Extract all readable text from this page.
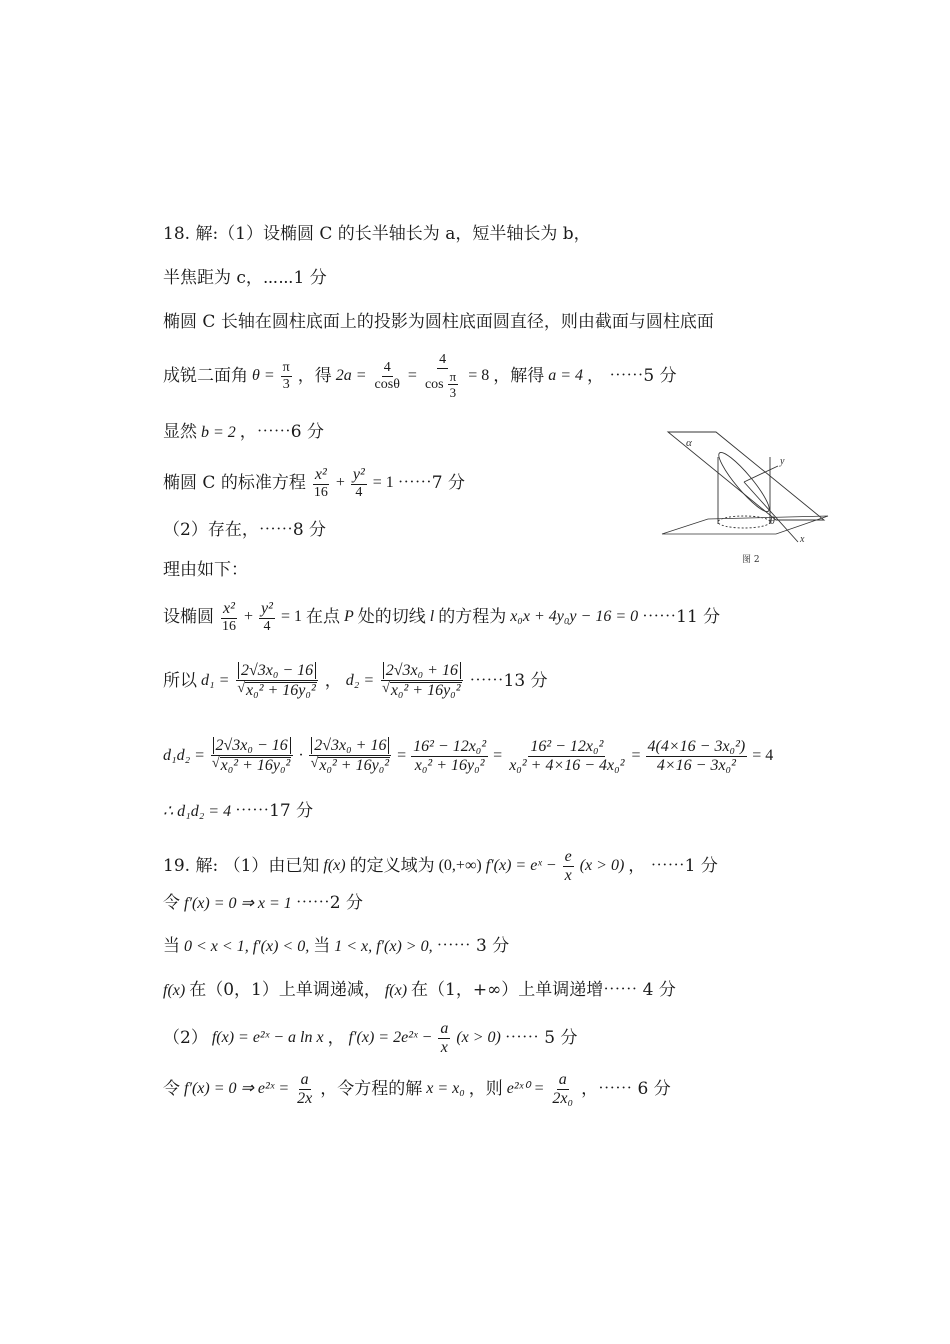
18. 解:（1）设椭圆 C 的长半轴长为 a，短半轴长为 b，
半焦距为 c，⋯⋯1 分
椭圆 C 长轴在圆柱底面上的投影为圆柱底面圆直径，则由截面与圆柱底面
成锐二面角 $\theta = \frac{\pi}{3}$ ，得 $2a = \frac{4}{\cos\theta} = \frac{4}{\cos \frac{\pi}{3}} = 8$ ，解得 a = 4 ， ⋯⋯5 分
显然 b = 2 ，⋯⋯6 分
椭圆 C 的标准方程 $\frac{\text{x²}}{16} + \frac{\text{y²}}{4} = 1$ ⋯⋯7 分
（2）存在，⋯⋯8 分
理由如下：
设椭圆 $\frac{\text{x²}}{16} + \frac{\text{y²}}{4} = 1$ 在点 P 处的切线 l 的方程为 x₀x + 4y₀y − 16 = 0 ⋯⋯11 分
所以 $d_1 = \frac{\text{2√3x₀ − 16}}{\text{√ x₀² + 16y₀²}}$ ， $d_2 = \frac{\text{2√3x₀ + 16}}{\text{√ x₀² + 16y₀²}}$ ⋯⋯13 分
$d_1d_2 = \frac{\text{2√3x₀ − 16}}{\text{√ x₀² + 16y₀²}} \cdot \frac{\text{2√3x₀ + 16}}{\text{√ x₀² + 16y₀²}} = \frac{\text{16² − 12x₀²}}{\text{x₀² + 16y₀²}} = \frac{\text{16² − 12x₀²}}{\text{x₀² + 4×16 − 4x₀²}} = \frac{\text{4(4×16 − 3x₀²)}}{\text{4×16 − 3x₀²}} = 4$
∴ d₁d₂ = 4 ⋯⋯17 分
19. 解: （1）由已知 f(x) 的定义域为 (0,+∞) f′(x) = eˣ − $\frac{e}{x} (x > 0)$ ， ⋯⋯1 分
令 f′(x) = 0 ⇒ x = 1 ⋯⋯2 分
当 0 < x < 1, f′(x) < 0, 当 1 < x, f′(x) > 0, ⋯⋯ 3 分
f(x) 在（0，1）上单调递减， f(x) 在（1，+∞）上单调递增⋯⋯ 4 分
（2） f(x) = e²ˣ − a ln x ， f′(x) = 2e²ˣ − $\frac{a}{x} (x > 0)$ ⋯⋯ 5 分
令 f′(x) = 0 ⇒ e²ˣ = $\frac{a}{2x}$ ，令方程的解 x = x₀ ，则 e²ˣ⁰ = $\frac{a}{\text{2x₀}}$ ，⋯⋯ 6 分
α
y
θ
x
图 2
